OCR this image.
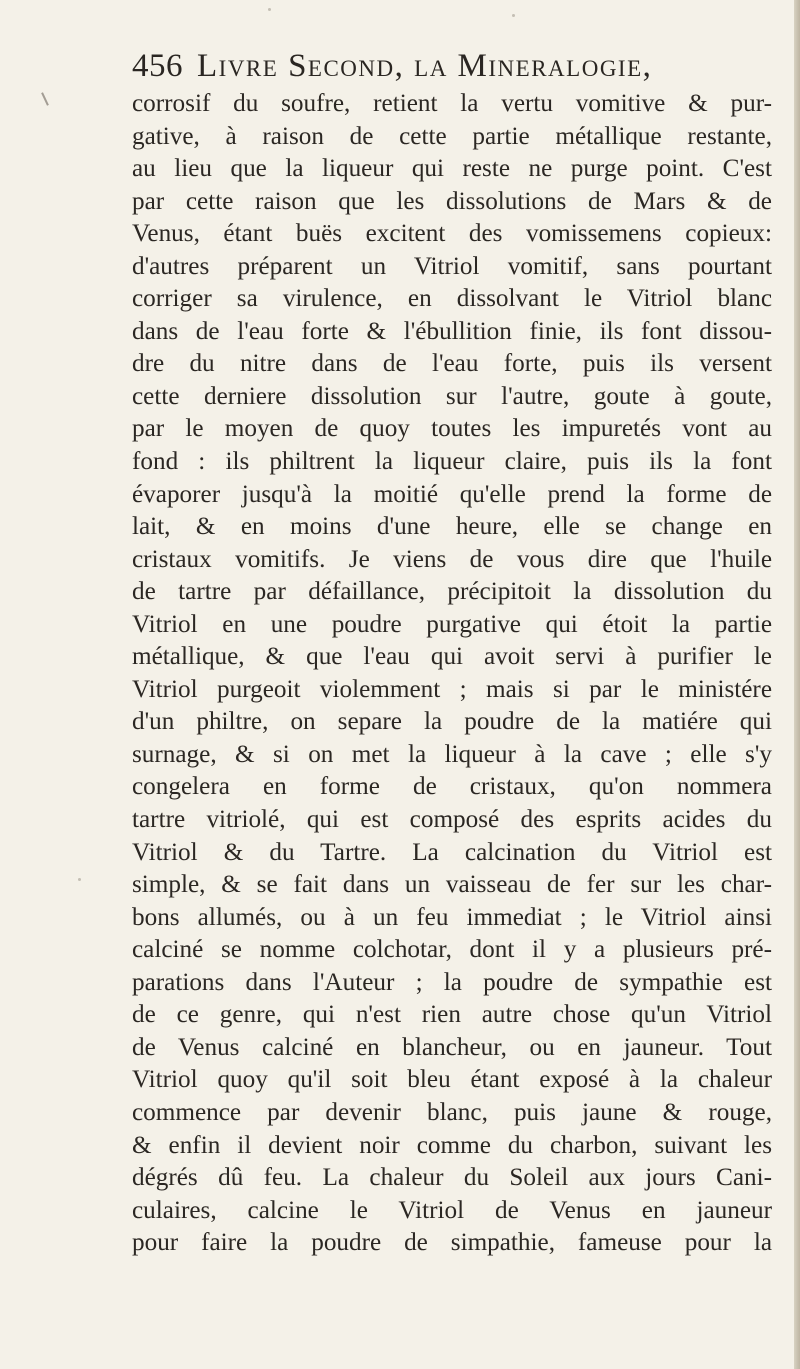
456 Livre Second, la Mineralogie,
corrosif du soufre, retient la vertu vomitive & pur-
gative, à raison de cette partie métallique restante,
au lieu que la liqueur qui reste ne purge point. C'est
par cette raison que les dissolutions de Mars & de
Venus, étant buës excitent des vomissemens copieux:
d'autres préparent un Vitriol vomitif, sans pourtant
corriger sa virulence, en dissolvant le Vitriol blanc
dans de l'eau forte & l'ébullition finie, ils font dissou-
dre du nitre dans de l'eau forte, puis ils versent
cette derniere dissolution sur l'autre, goute à goute,
par le moyen de quoy toutes les impuretés vont au
fond : ils philtrent la liqueur claire, puis ils la font
évaporer jusqu'à la moitié qu'elle prend la forme de
lait, & en moins d'une heure, elle se change en
cristaux vomitifs. Je viens de vous dire que l'huile
de tartre par défaillance, précipitoit la dissolution du
Vitriol en une poudre purgative qui étoit la partie
métallique, & que l'eau qui avoit servi à purifier le
Vitriol purgeoit violemment ; mais si par le ministére
d'un philtre, on separe la poudre de la matiére qui
surnage, & si on met la liqueur à la cave ; elle s'y
congelera en forme de cristaux, qu'on nommera
tartre vitriolé, qui est composé des esprits acides du
Vitriol & du Tartre. La calcination du Vitriol est
simple, & se fait dans un vaisseau de fer sur les char-
bons allumés, ou à un feu immediat ; le Vitriol ainsi
calciné se nomme colchotar, dont il y a plusieurs pré-
parations dans l'Auteur ; la poudre de sympathie est
de ce genre, qui n'est rien autre chose qu'un Vitriol
de Venus calciné en blancheur, ou en jauneur. Tout
Vitriol quoy qu'il soit bleu étant exposé à la chaleur
commence par devenir blanc, puis jaune & rouge,
& enfin il devient noir comme du charbon, suivant les
dégrés dû feu. La chaleur du Soleil aux jours Cani-
culaires, calcine le Vitriol de Venus en jauneur
pour faire la poudre de simpathie, fameuse pour la
